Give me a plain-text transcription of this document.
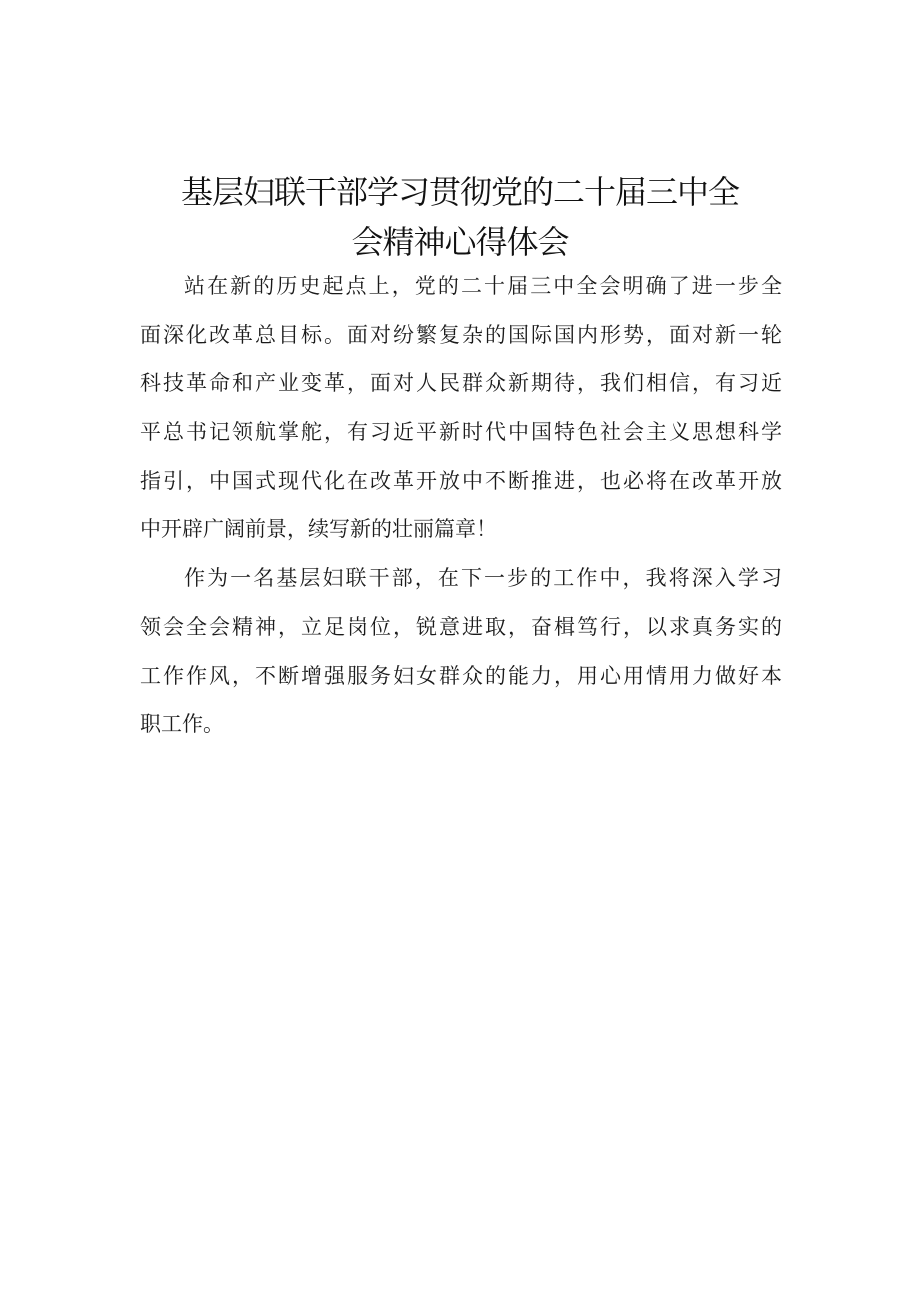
基层妇联干部学习贯彻党的二十届三中全
会精神心得体会
站在新的历史起点上，党的二十届三中全会明确了进一步全
面深化改革总目标。面对纷繁复杂的国际国内形势，面对新一轮
科技革命和产业变革，面对人民群众新期待，我们相信，有习近
平总书记领航掌舵，有习近平新时代中国特色社会主义思想科学
指引，中国式现代化在改革开放中不断推进，也必将在改革开放
中开辟广阔前景，续写新的壮丽篇章！
作为一名基层妇联干部，在下一步的工作中，我将深入学习
领会全会精神，立足岗位，锐意进取，奋楫笃行，以求真务实的
工作作风，不断增强服务妇女群众的能力，用心用情用力做好本
职工作。
